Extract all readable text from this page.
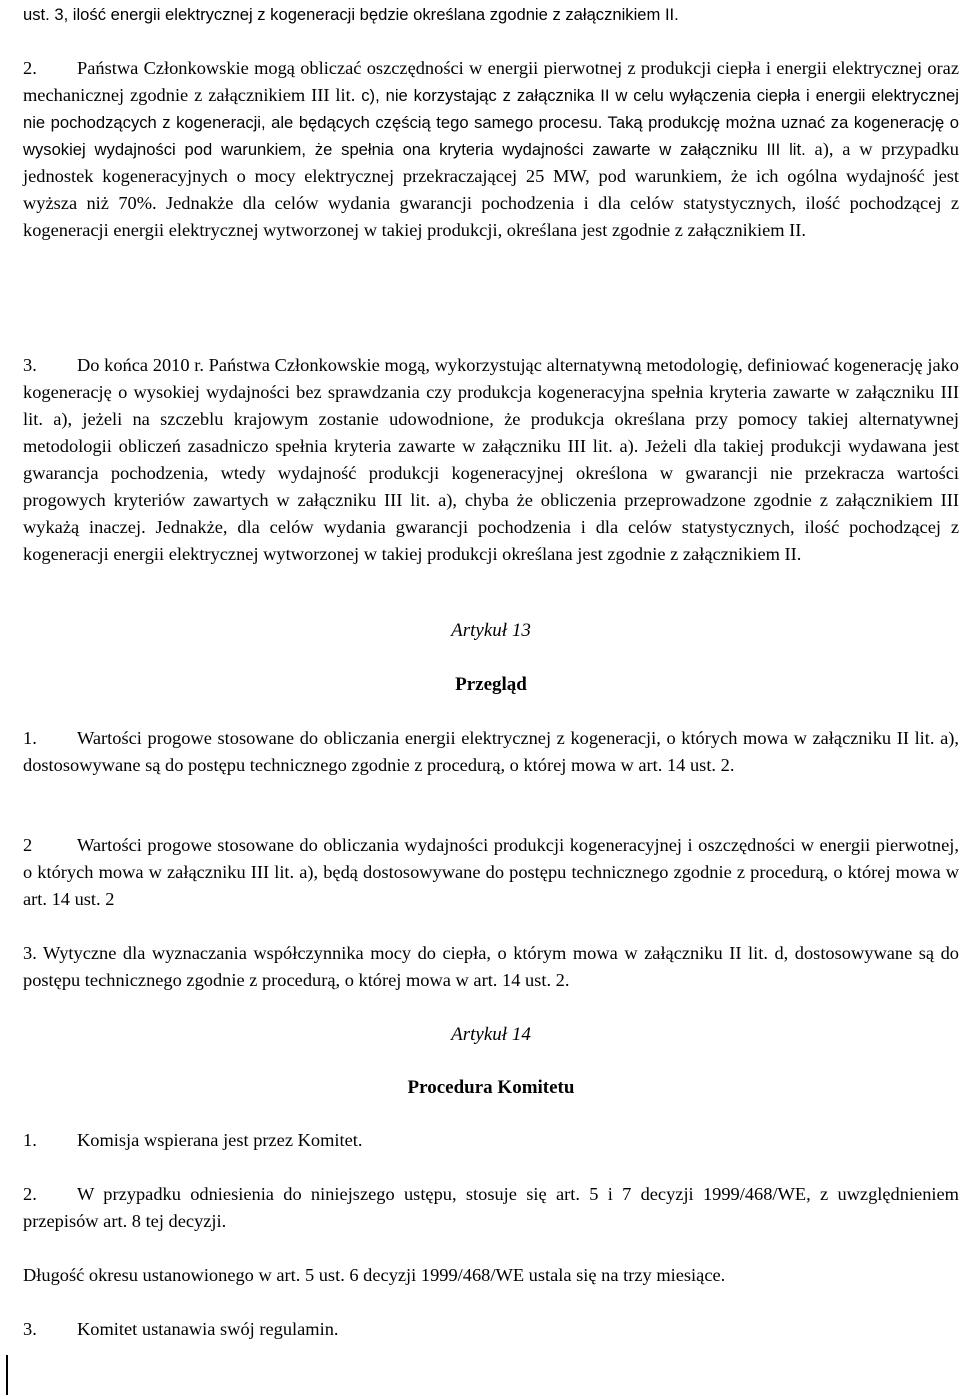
ust. 3, ilość energii elektrycznej z kogeneracji będzie określana zgodnie z załącznikiem II.

2. Państwa Członkowskie mogą obliczać oszczędności w energii pierwotnej z produkcji ciepła i energii elektrycznej oraz mechanicznej zgodnie z załącznikiem III lit. c), nie korzystając z załącznika II w celu wyłączenia ciepła i energii elektrycznej nie pochodzących z kogeneracji, ale będących częścią tego samego procesu. Taką produkcję można uznać za kogenerację o wysokiej wydajności pod warunkiem, że spełnia ona kryteria wydajności zawarte w załączniku III lit. a), a w przypadku jednostek kogeneracyjnych o mocy elektrycznej przekraczającej 25 MW, pod warunkiem, że ich ogólna wydajność jest wyższa niż 70%. Jednakże dla celów wydania gwarancji pochodzenia i dla celów statystycznych, ilość pochodzącej z kogeneracji energii elektrycznej wytworzonej w takiej produkcji, określana jest zgodnie z załącznikiem II.

3. Do końca 2010 r. Państwa Członkowskie mogą, wykorzystując alternatywną metodologię, definiować kogenerację jako kogenerację o wysokiej wydajności bez sprawdzania czy produkcja kogeneracyjna spełnia kryteria zawarte w załączniku III lit. a), jeżeli na szczeblu krajowym zostanie udowodnione, że produkcja określana przy pomocy takiej alternatywnej metodologii obliczeń zasadniczo spełnia kryteria zawarte w załączniku III lit. a). Jeżeli dla takiej produkcji wydawana jest gwarancja pochodzenia, wtedy wydajność produkcji kogeneracyjnej określona w gwarancji nie przekracza wartości progowych kryteriów zawartych w załączniku III lit. a), chyba że obliczenia przeprowadzone zgodnie z załącznikiem III wykażą inaczej. Jednakże, dla celów wydania gwarancji pochodzenia i dla celów statystycznych, ilość pochodzącej z kogeneracji energii elektrycznej wytworzonej w takiej produkcji określana jest zgodnie z załącznikiem II.

Artykuł 13

Przegląd

1. Wartości progowe stosowane do obliczania energii elektrycznej z kogeneracji, o których mowa w załączniku II lit. a), dostosowywane są do postępu technicznego zgodnie z procedurą, o której mowa w art. 14 ust. 2.

2 Wartości progowe stosowane do obliczania wydajności produkcji kogeneracyjnej i oszczędności w energii pierwotnej, o których mowa w załączniku III lit. a), będą dostosowywane do postępu technicznego zgodnie z procedurą, o której mowa w art. 14 ust. 2

3. Wytyczne dla wyznaczania współczynnika mocy do ciepła, o którym mowa w załączniku II lit. d, dostosowywane są do postępu technicznego zgodnie z procedurą, o której mowa w art. 14 ust. 2.

Artykuł 14

Procedura Komitetu

1. Komisja wspierana jest przez Komitet.

2. W przypadku odniesienia do niniejszego ustępu, stosuje się art. 5 i 7 decyzji 1999/468/WE, z uwzględnieniem przepisów art. 8 tej decyzji.

Długość okresu ustanowionego w art. 5 ust. 6 decyzji 1999/468/WE ustala się na trzy miesiące.

3. Komitet ustanawia swój regulamin.
